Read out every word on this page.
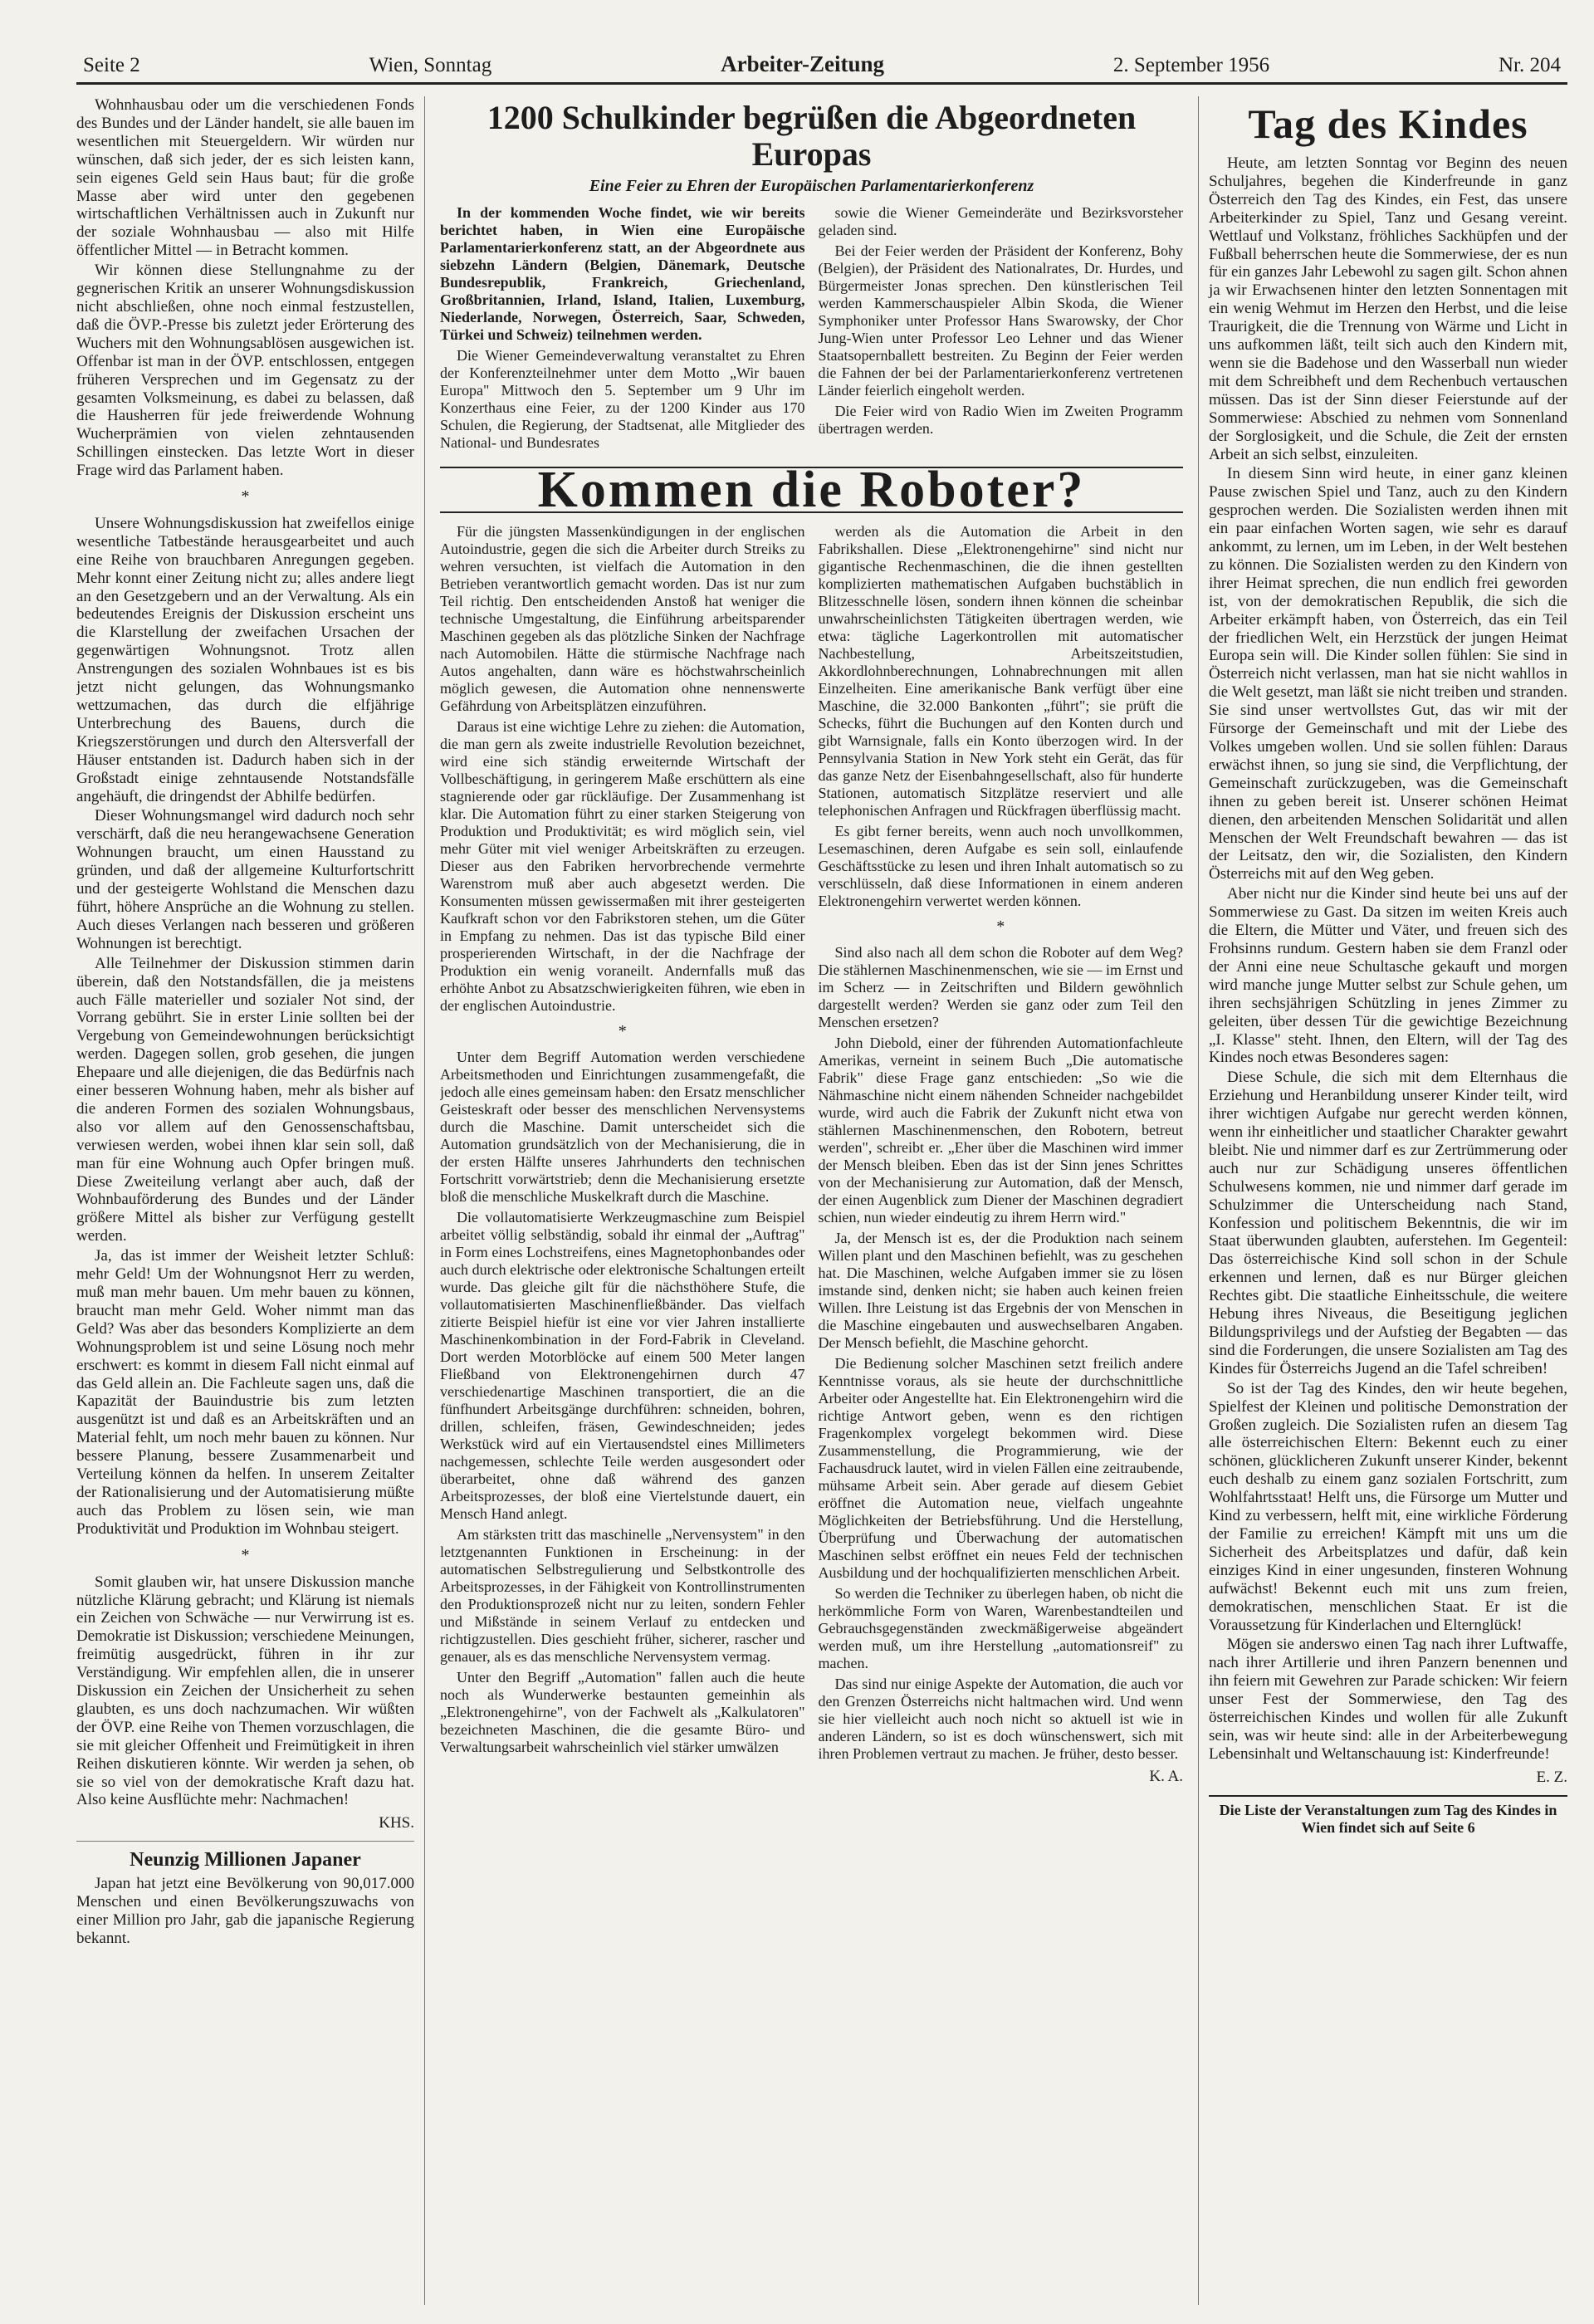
Seite 2	Wien, Sonntag	Arbeiter-Zeitung	2. September 1956	Nr. 204

Wohnhausbau oder um die verschiedenen Fonds des Bundes und der Länder handelt, sie alle bauen im wesentlichen mit Steuergeldern. Wir würden nur wünschen, daß sich jeder, der es sich leisten kann, sein eigenes Geld sein Haus baut; für die große Masse aber wird unter den gegebenen wirtschaftlichen Verhältnissen auch in Zukunft nur der soziale Wohnhausbau — also mit Hilfe öffentlicher Mittel — in Betracht kommen.

Wir können diese Stellungnahme zu der gegnerischen Kritik an unserer Wohnungsdiskussion nicht abschließen, ohne noch einmal festzustellen, daß die ÖVP.-Presse bis zuletzt jeder Erörterung des Wuchers mit den Wohnungsablösen ausgewichen ist. Offenbar ist man in der ÖVP. entschlossen, entgegen früheren Versprechen und im Gegensatz zu der gesamten Volksmeinung, es dabei zu belassen, daß die Hausherren für jede freiwerdende Wohnung Wucherprämien von vielen zehntausenden Schillingen einstecken. Das letzte Wort in dieser Frage wird das Parlament haben.

*

Unsere Wohnungsdiskussion hat zweifellos einige wesentliche Tatbestände herausgearbeitet und auch eine Reihe von brauchbaren Anregungen gegeben. Mehr konnt einer Zeitung nicht zu; alles andere liegt an den Gesetzgebern und an der Verwaltung. Als ein bedeutendes Ereignis der Diskussion erscheint uns die Klarstellung der zweifachen Ursachen der gegenwärtigen Wohnungsnot. Trotz allen Anstrengungen des sozialen Wohnbaues ist es bis jetzt nicht gelungen, das Wohnungsmanko wettzumachen, das durch die elfjährige Unterbrechung des Bauens, durch die Kriegszerstörungen und durch den Altersverfall der Häuser entstanden ist. Dadurch haben sich in der Großstadt einige zehntausende Notstandsfälle angehäuft, die dringendst der Abhilfe bedürfen.

Dieser Wohnungsmangel wird dadurch noch sehr verschärft, daß die neu herangewachsene Generation Wohnungen braucht, um einen Hausstand zu gründen, und daß der allgemeine Kulturfortschritt und der gesteigerte Wohlstand die Menschen dazu führt, höhere Ansprüche an die Wohnung zu stellen. Auch dieses Verlangen nach besseren und größeren Wohnungen ist berechtigt.

Alle Teilnehmer der Diskussion stimmen darin überein, daß den Notstandsfällen, die ja meistens auch Fälle materieller und sozialer Not sind, der Vorrang gebührt. Sie in erster Linie sollten bei der Vergebung von Gemeindewohnungen berücksichtigt werden. Dagegen sollen, grob gesehen, die jungen Ehepaare und alle diejenigen, die das Bedürfnis nach einer besseren Wohnung haben, mehr als bisher auf die anderen Formen des sozialen Wohnungsbaus, also vor allem auf den Genossenschaftsbau, verwiesen werden, wobei ihnen klar sein soll, daß man für eine Wohnung auch Opfer bringen muß. Diese Zweiteilung verlangt aber auch, daß der Wohnbauförderung des Bundes und der Länder größere Mittel als bisher zur Verfügung gestellt werden.

Ja, das ist immer der Weisheit letzter Schluß: mehr Geld! Um der Wohnungsnot Herr zu werden, muß man mehr bauen. Um mehr bauen zu können, braucht man mehr Geld. Woher nimmt man das Geld? Was aber das besonders Komplizierte an dem Wohnungsproblem ist und seine Lösung noch mehr erschwert: es kommt in diesem Fall nicht einmal auf das Geld allein an. Die Fachleute sagen uns, daß die Kapazität der Bauindustrie bis zum letzten ausgenützt ist und daß es an Arbeitskräften und an Material fehlt, um noch mehr bauen zu können. Nur bessere Planung, bessere Zusammenarbeit und Verteilung können da helfen. In unserem Zeitalter der Rationalisierung und der Automatisierung müßte auch das Problem zu lösen sein, wie man Produktivität und Produktion im Wohnbau steigert.

*

Somit glauben wir, hat unsere Diskussion manche nützliche Klärung gebracht; und Klärung ist niemals ein Zeichen von Schwäche — nur Verwirrung ist es. Demokratie ist Diskussion; verschiedene Meinungen, freimütig ausgedrückt, führen in ihr zur Verständigung. Wir empfehlen allen, die in unserer Diskussion ein Zeichen der Unsicherheit zu sehen glaubten, es uns doch nachzumachen. Wir wüßten der ÖVP. eine Reihe von Themen vorzuschlagen, die sie mit gleicher Offenheit und Freimütigkeit in ihren Reihen diskutieren könnte. Wir werden ja sehen, ob sie so viel von der demokratische Kraft dazu hat. Also keine Ausflüchte mehr: Nachmachen!

KHS.
Neunzig Millionen Japaner

Japan hat jetzt eine Bevölkerung von 90,017.000 Menschen und einen Bevölkerungszuwachs von einer Million pro Jahr, gab die japanische Regierung bekannt.

1200 Schulkinder begrüßen die Abgeordneten Europas
Eine Feier zu Ehren der Europäischen Parlamentarierkonferenz

In der kommenden Woche findet, wie wir bereits berichtet haben, in Wien eine Europäische Parlamentarierkonferenz statt, an der Abgeordnete aus siebzehn Ländern (Belgien, Dänemark, Deutsche Bundesrepublik, Frankreich, Griechenland, Großbritannien, Irland, Island, Italien, Luxemburg, Niederlande, Norwegen, Österreich, Saar, Schweden, Türkei und Schweiz) teilnehmen werden.

Die Wiener Gemeindeverwaltung veranstaltet zu Ehren der Konferenzteilnehmer unter dem Motto „Wir bauen Europa" Mittwoch den 5. September um 9 Uhr im Konzerthaus eine Feier, zu der 1200 Kinder aus 170 Schulen, die Regierung, der Stadtsenat, alle Mitglieder des National- und Bundesrates

sowie die Wiener Gemeinderäte und Bezirksvorsteher geladen sind.

Bei der Feier werden der Präsident der Konferenz, Bohy (Belgien), der Präsident des Nationalrates, Dr. Hurdes, und Bürgermeister Jonas sprechen. Den künstlerischen Teil werden Kammerschauspieler Albin Skoda, die Wiener Symphoniker unter Professor Hans Swarowsky, der Chor Jung-Wien unter Professor Leo Lehner und das Wiener Staatsopernballett bestreiten. Zu Beginn der Feier werden die Fahnen der bei der Parlamentarierkonferenz vertretenen Länder feierlich eingeholt werden.

Die Feier wird von Radio Wien im Zweiten Programm übertragen werden.

Kommen die Roboter?

Für die jüngsten Massenkündigungen in der englischen Autoindustrie, gegen die sich die Arbeiter durch Streiks zu wehren versuchten, ist vielfach die Automation in den Betrieben verantwortlich gemacht worden. Das ist nur zum Teil richtig. Den entscheidenden Anstoß hat weniger die technische Umgestaltung, die Einführung arbeitsparender Maschinen gegeben als das plötzliche Sinken der Nachfrage nach Automobilen. Hätte die stürmische Nachfrage nach Autos angehalten, dann wäre es höchstwahrscheinlich möglich gewesen, die Automation ohne nennenswerte Gefährdung von Arbeitsplätzen einzuführen.

Daraus ist eine wichtige Lehre zu ziehen: die Automation, die man gern als zweite industrielle Revolution bezeichnet, wird eine sich ständig erweiternde Wirtschaft der Vollbeschäftigung, in geringerem Maße erschüttern als eine stagnierende oder gar rückläufige. Der Zusammenhang ist klar. Die Automation führt zu einer starken Steigerung von Produktion und Produktivität; es wird möglich sein, viel mehr Güter mit viel weniger Arbeitskräften zu erzeugen. Dieser aus den Fabriken hervorbrechende vermehrte Warenstrom muß aber auch abgesetzt werden. Die Konsumenten müssen gewissermaßen mit ihrer gesteigerten Kaufkraft schon vor den Fabrikstoren stehen, um die Güter in Empfang zu nehmen. Das ist das typische Bild einer prosperierenden Wirtschaft, in der die Nachfrage der Produktion ein wenig voraneilt. Andernfalls muß das erhöhte Anbot zu Absatzschwierigkeiten führen, wie eben in der englischen Autoindustrie.

*

Unter dem Begriff Automation werden verschiedene Arbeitsmethoden und Einrichtungen zusammengefaßt, die jedoch alle eines gemeinsam haben: den Ersatz menschlicher Geisteskraft oder besser des menschlichen Nervensystems durch die Maschine. Damit unterscheidet sich die Automation grundsätzlich von der Mechanisierung, die in der ersten Hälfte unseres Jahrhunderts den technischen Fortschritt vorwärtstrieb; denn die Mechanisierung ersetzte bloß die menschliche Muskelkraft durch die Maschine.

Die vollautomatisierte Werkzeugmaschine zum Beispiel arbeitet völlig selbständig, sobald ihr einmal der „Auftrag" in Form eines Lochstreifens, eines Magnetophonbandes oder auch durch elektrische oder elektronische Schaltungen erteilt wurde. Das gleiche gilt für die nächsthöhere Stufe, die vollautomatisierten Maschinenfließbänder. Das vielfach zitierte Beispiel hiefür ist eine vor vier Jahren installierte Maschinenkombination in der Ford-Fabrik in Cleveland. Dort werden Motorblöcke auf einem 500 Meter langen Fließband von Elektronengehirnen durch 47 verschiedenartige Maschinen transportiert, die an die fünfhundert Arbeitsgänge durchführen: schneiden, bohren, drillen, schleifen, fräsen, Gewindeschneiden; jedes Werkstück wird auf ein Viertausendstel eines Millimeters nachgemessen, schlechte Teile werden ausgesondert oder überarbeitet, ohne daß während des ganzen Arbeitsprozesses, der bloß eine Viertelstunde dauert, ein Mensch Hand anlegt.

Am stärksten tritt das maschinelle „Nervensystem" in den letztgenannten Funktionen in Erscheinung: in der automatischen Selbstregulierung und Selbstkontrolle des Arbeitsprozesses, in der Fähigkeit von Kontrollinstrumenten den Produktionsprozeß nicht nur zu leiten, sondern Fehler und Mißstände in seinem Verlauf zu entdecken und richtigzustellen. Dies geschieht früher, sicherer, rascher und genauer, als es das menschliche Nervensystem vermag.

Unter den Begriff „Automation" fallen auch die heute noch als Wunderwerke bestaunten gemeinhin als „Elektronengehirne", von der Fachwelt als „Kalkulatoren" bezeichneten Maschinen, die die gesamte Büro- und Verwaltungsarbeit wahrscheinlich viel stärker umwälzen

werden als die Automation die Arbeit in den Fabrikshallen. Diese „Elektronengehirne" sind nicht nur gigantische Rechenmaschinen, die die ihnen gestellten komplizierten mathematischen Aufgaben buchstäblich in Blitzesschnelle lösen, sondern ihnen können die scheinbar unwahrscheinlichsten Tätigkeiten übertragen werden, wie etwa: tägliche Lagerkontrollen mit automatischer Nachbestellung, Arbeitszeitstudien, Akkordlohnberechnungen, Lohnabrechnungen mit allen Einzelheiten. Eine amerikanische Bank verfügt über eine Maschine, die 32.000 Bankonten „führt"; sie prüft die Schecks, führt die Buchungen auf den Konten durch und gibt Warnsignale, falls ein Konto überzogen wird. In der Pennsylvania Station in New York steht ein Gerät, das für das ganze Netz der Eisenbahngesellschaft, also für hunderte Stationen, automatisch Sitzplätze reserviert und alle telephonischen Anfragen und Rückfragen überflüssig macht.

Es gibt ferner bereits, wenn auch noch unvollkommen, Lesemaschinen, deren Aufgabe es sein soll, einlaufende Geschäftsstücke zu lesen und ihren Inhalt automatisch so zu verschlüsseln, daß diese Informationen in einem anderen Elektronengehirn verwertet werden können.

*

Sind also nach all dem schon die Roboter auf dem Weg? Die stählernen Maschinenmenschen, wie sie — im Ernst und im Scherz — in Zeitschriften und Bildern gewöhnlich dargestellt werden? Werden sie ganz oder zum Teil den Menschen ersetzen?

John Diebold, einer der führenden Automationfachleute Amerikas, verneint in seinem Buch „Die automatische Fabrik" diese Frage ganz entschieden: „So wie die Nähmaschine nicht einem nähenden Schneider nachgebildet wurde, wird auch die Fabrik der Zukunft nicht etwa von stählernen Maschinenmenschen, den Robotern, betreut werden", schreibt er. „Eher über die Maschinen wird immer der Mensch bleiben. Eben das ist der Sinn jenes Schrittes von der Mechanisierung zur Automation, daß der Mensch, der einen Augenblick zum Diener der Maschinen degradiert schien, nun wieder eindeutig zu ihrem Herrn wird."

Ja, der Mensch ist es, der die Produktion nach seinem Willen plant und den Maschinen befiehlt, was zu geschehen hat. Die Maschinen, welche Aufgaben immer sie zu lösen imstande sind, denken nicht; sie haben auch keinen freien Willen. Ihre Leistung ist das Ergebnis der von Menschen in die Maschine eingebauten und auswechselbaren Angaben. Der Mensch befiehlt, die Maschine gehorcht.

Die Bedienung solcher Maschinen setzt freilich andere Kenntnisse voraus, als sie heute der durchschnittliche Arbeiter oder Angestellte hat. Ein Elektronengehirn wird die richtige Antwort geben, wenn es den richtigen Fragenkomplex vorgelegt bekommen wird. Diese Zusammenstellung, die Programmierung, wie der Fachausdruck lautet, wird in vielen Fällen eine zeitraubende, mühsame Arbeit sein. Aber gerade auf diesem Gebiet eröffnet die Automation neue, vielfach ungeahnte Möglichkeiten der Betriebsführung. Und die Herstellung, Überprüfung und Überwachung der automatischen Maschinen selbst eröffnet ein neues Feld der technischen Ausbildung und der hochqualifizierten menschlichen Arbeit.

So werden die Techniker zu überlegen haben, ob nicht die herkömmliche Form von Waren, Warenbestandteilen und Gebrauchsgegenständen zweckmäßigerweise abgeändert werden muß, um ihre Herstellung „automationsreif" zu machen.

Das sind nur einige Aspekte der Automation, die auch vor den Grenzen Österreichs nicht haltmachen wird. Und wenn sie hier vielleicht auch noch nicht so aktuell ist wie in anderen Ländern, so ist es doch wünschenswert, sich mit ihren Problemen vertraut zu machen. Je früher, desto besser.

K. A.
Tag des Kindes

Heute, am letzten Sonntag vor Beginn des neuen Schuljahres, begehen die Kinderfreunde in ganz Österreich den Tag des Kindes, ein Fest, das unsere Arbeiterkinder zu Spiel, Tanz und Gesang vereint. Wettlauf und Volkstanz, fröhliches Sackhüpfen und der Fußball beherrschen heute die Sommerwiese, der es nun für ein ganzes Jahr Lebewohl zu sagen gilt. Schon ahnen ja wir Erwachsenen hinter den letzten Sonnentagen mit ein wenig Wehmut im Herzen den Herbst, und die leise Traurigkeit, die die Trennung von Wärme und Licht in uns aufkommen läßt, teilt sich auch den Kindern mit, wenn sie die Badehose und den Wasserball nun wieder mit dem Schreibheft und dem Rechenbuch vertauschen müssen. Das ist der Sinn dieser Feierstunde auf der Sommerwiese: Abschied zu nehmen vom Sonnenland der Sorglosigkeit, und die Schule, die Zeit der ernsten Arbeit an sich selbst, einzuleiten.

In diesem Sinn wird heute, in einer ganz kleinen Pause zwischen Spiel und Tanz, auch zu den Kindern gesprochen werden. Die Sozialisten werden ihnen mit ein paar einfachen Worten sagen, wie sehr es darauf ankommt, zu lernen, um im Leben, in der Welt bestehen zu können. Die Sozialisten werden zu den Kindern von ihrer Heimat sprechen, die nun endlich frei geworden ist, von der demokratischen Republik, die sich die Arbeiter erkämpft haben, von Österreich, das ein Teil der friedlichen Welt, ein Herzstück der jungen Heimat Europa sein will. Die Kinder sollen fühlen: Sie sind in Österreich nicht verlassen, man hat sie nicht wahllos in die Welt gesetzt, man läßt sie nicht treiben und stranden. Sie sind unser wertvollstes Gut, das wir mit der Fürsorge der Gemeinschaft und mit der Liebe des Volkes umgeben wollen. Und sie sollen fühlen: Daraus erwächst ihnen, so jung sie sind, die Verpflichtung, der Gemeinschaft zurückzugeben, was die Gemeinschaft ihnen zu geben bereit ist. Unserer schönen Heimat dienen, den arbeitenden Menschen Solidarität und allen Menschen der Welt Freundschaft bewahren — das ist der Leitsatz, den wir, die Sozialisten, den Kindern Österreichs mit auf den Weg geben.

Aber nicht nur die Kinder sind heute bei uns auf der Sommerwiese zu Gast. Da sitzen im weiten Kreis auch die Eltern, die Mütter und Väter, und freuen sich des Frohsinns rundum. Gestern haben sie dem Franzl oder der Anni eine neue Schultasche gekauft und morgen wird manche junge Mutter selbst zur Schule gehen, um ihren sechsjährigen Schützling in jenes Zimmer zu geleiten, über dessen Tür die gewichtige Bezeichnung „I. Klasse" steht. Ihnen, den Eltern, will der Tag des Kindes noch etwas Besonderes sagen:

Diese Schule, die sich mit dem Elternhaus die Erziehung und Heranbildung unserer Kinder teilt, wird ihrer wichtigen Aufgabe nur gerecht werden können, wenn ihr einheitlicher und staatlicher Charakter gewahrt bleibt. Nie und nimmer darf es zur Zertrümmerung oder auch nur zur Schädigung unseres öffentlichen Schulwesens kommen, nie und nimmer darf gerade im Schulzimmer die Unterscheidung nach Stand, Konfession und politischem Bekenntnis, die wir im Staat überwunden glaubten, auferstehen. Im Gegenteil: Das österreichische Kind soll schon in der Schule erkennen und lernen, daß es nur Bürger gleichen Rechtes gibt. Die staatliche Einheitsschule, die weitere Hebung ihres Niveaus, die Beseitigung jeglichen Bildungsprivilegs und der Aufstieg der Begabten — das sind die Forderungen, die unsere Sozialisten am Tag des Kindes für Österreichs Jugend an die Tafel schreiben!

So ist der Tag des Kindes, den wir heute begehen, Spielfest der Kleinen und politische Demonstration der Großen zugleich. Die Sozialisten rufen an diesem Tag alle österreichischen Eltern: Bekennt euch zu einer schönen, glücklicheren Zukunft unserer Kinder, bekennt euch deshalb zu einem ganz sozialen Fortschritt, zum Wohlfahrtsstaat! Helft uns, die Fürsorge um Mutter und Kind zu verbessern, helft mit, eine wirkliche Förderung der Familie zu erreichen! Kämpft mit uns um die Sicherheit des Arbeitsplatzes und dafür, daß kein einziges Kind in einer ungesunden, finsteren Wohnung aufwächst! Bekennt euch mit uns zum freien, demokratischen, menschlichen Staat. Er ist die Voraussetzung für Kinderlachen und Elternglück!

Mögen sie anderswo einen Tag nach ihrer Luftwaffe, nach ihrer Artillerie und ihren Panzern benennen und ihn feiern mit Gewehren zur Parade schicken: Wir feiern unser Fest der Sommerwiese, den Tag des österreichischen Kindes und wollen für alle Zukunft sein, was wir heute sind: alle in der Arbeiterbewegung Lebensinhalt und Weltanschauung ist: Kinderfreunde!

E. Z.
Die Liste der Veranstaltungen zum Tag des Kindes in Wien findet sich auf Seite 6
